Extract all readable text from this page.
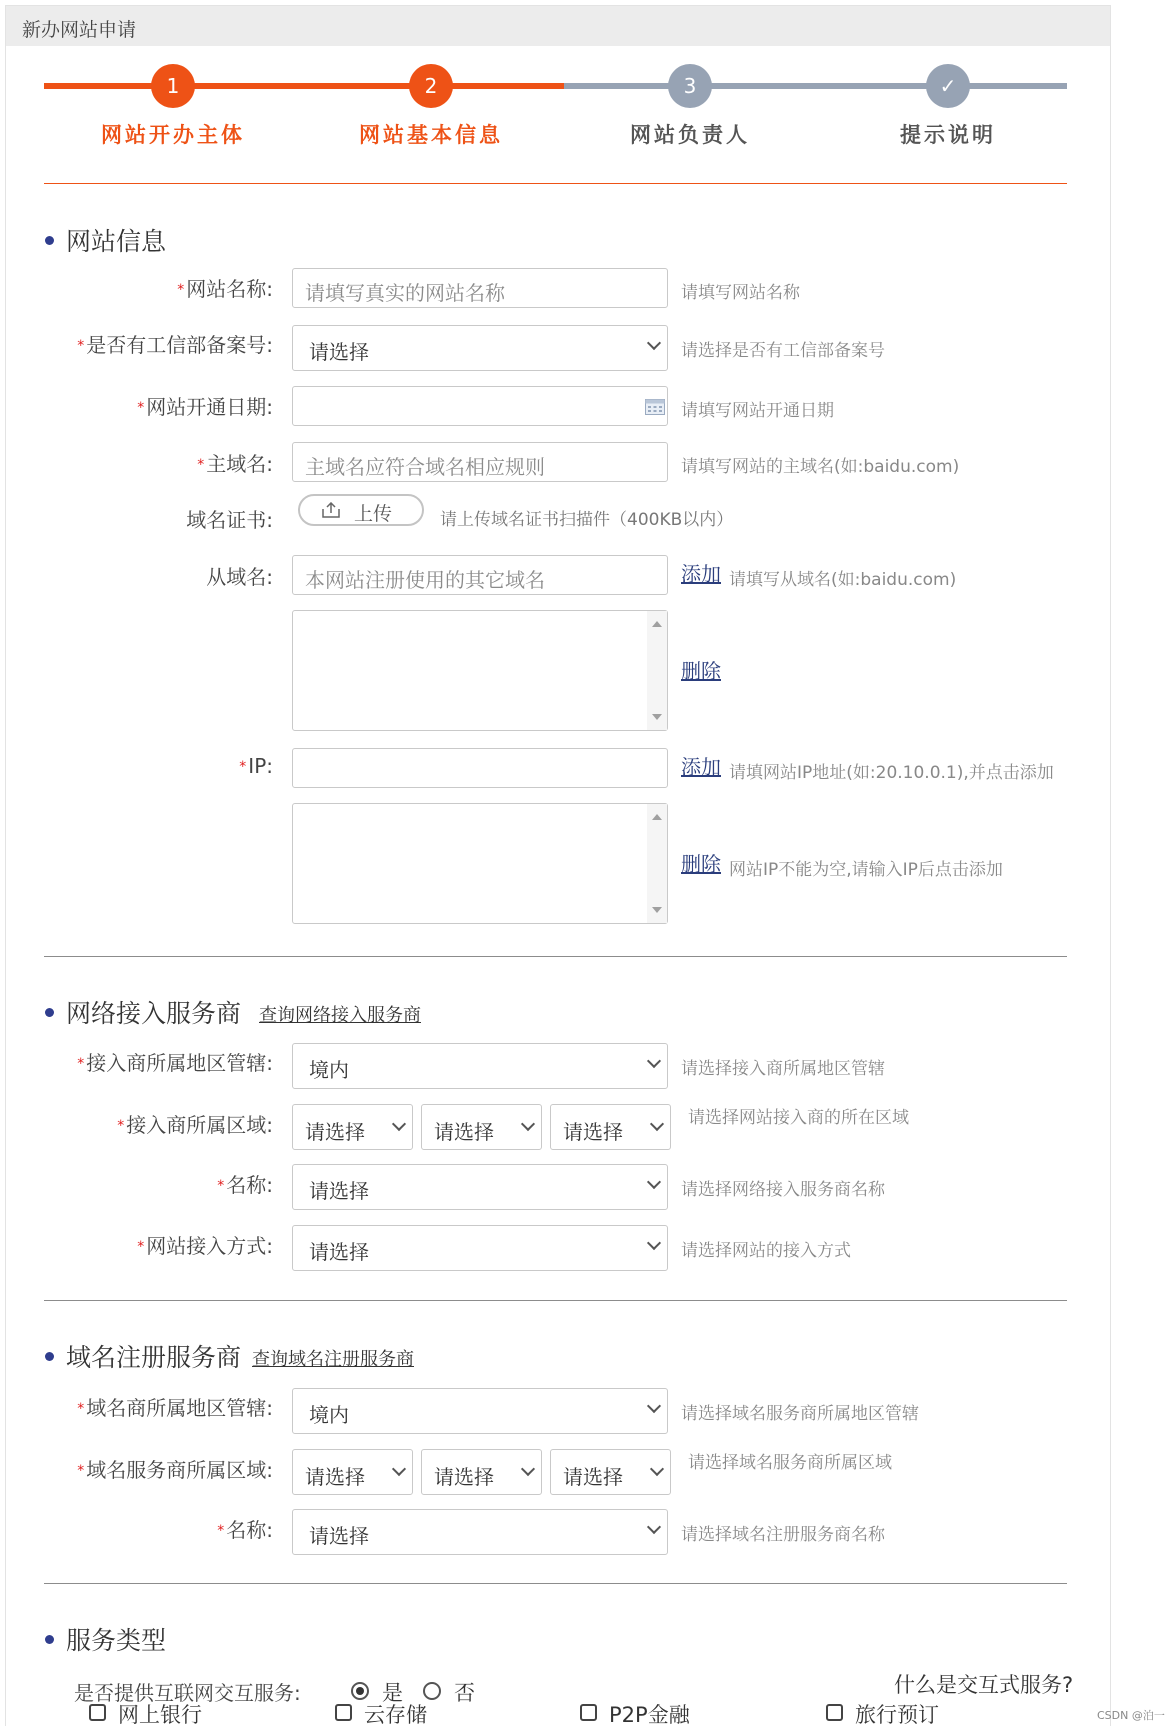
新办网站申请
1	2	3	✓
网站开办主体	网站基本信息	网站负责人	提示说明
网站信息
* 网站名称: 请填写真实的网站名称	请填写网站名称
* 是否有工信部备案号: 请选择	请选择是否有工信部备案号
* 网站开通日期:	请填写网站开通日期
* 主域名: 主域名应符合域名相应规则	请填写网站的主域名(如:baidu.com)
域名证书:	上传	请上传域名证书扫描件（400KB以内）
从域名: 本网站注册使用的其它域名	添加 请填写从域名(如:baidu.com)
删除
* IP:	添加 请填网站IP地址(如:20.10.0.1),并点击添加
删除 网站IP不能为空,请输入IP后点击添加
网络接入服务商 查询网络接入服务商
* 接入商所属地区管辖: 境内	请选择接入商所属地区管辖
* 接入商所属区域: 请选择	请选择	请选择
请选择网站接入商的所在区域
* 名称: 请选择	请选择网络接入服务商名称
* 网站接入方式: 请选择	请选择网站的接入方式
域名注册服务商 查询域名注册服务商
* 域名商所属地区管辖: 境内	请选择域名服务商所属地区管辖
* 域名服务商所属区域: 请选择	请选择	请选择
请选择域名服务商所属区域
* 名称: 请选择	请选择域名注册服务商名称
服务类型
是否提供互联网交互服务:	是 否	什么是交互式服务?
网上银行	云存储	P2P金融	旅行预订	CSDN @泊一
